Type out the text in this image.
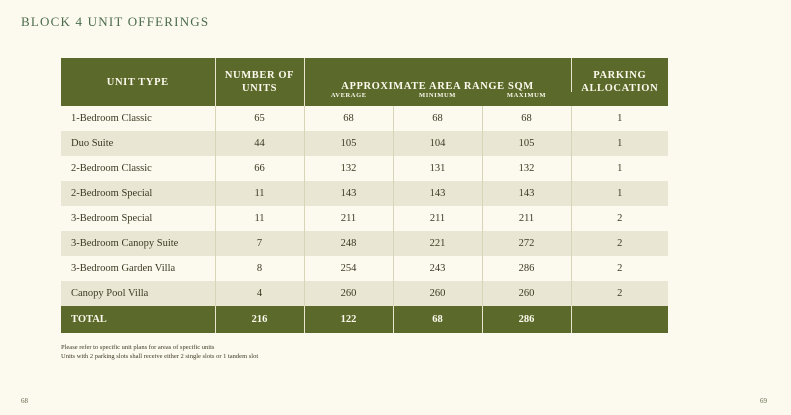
BLOCK 4 UNIT OFFERINGS
UNIT TYPE	NUMBER OF UNITS	APPROXIMATE AREA RANGE SQM			PARKING ALLOCATION
		AVERAGE	MINIMUM	MAXIMUM	
1-Bedroom Classic	65	68	68	68	1
Duo Suite	44	105	104	105	1
2-Bedroom Classic	66	132	131	132	1
2-Bedroom Special	11	143	143	143	1
3-Bedroom Special	11	211	211	211	2
3-Bedroom Canopy Suite	7	248	221	272	2
3-Bedroom Garden Villa	8	254	243	286	2
Canopy Pool Villa	4	260	260	260	2
TOTAL	216	122	68	286	
Please refer to specific unit plans for areas of specific units
Units with 2 parking slots shall receive either 2 single slots or 1 tandem slot
68	69
